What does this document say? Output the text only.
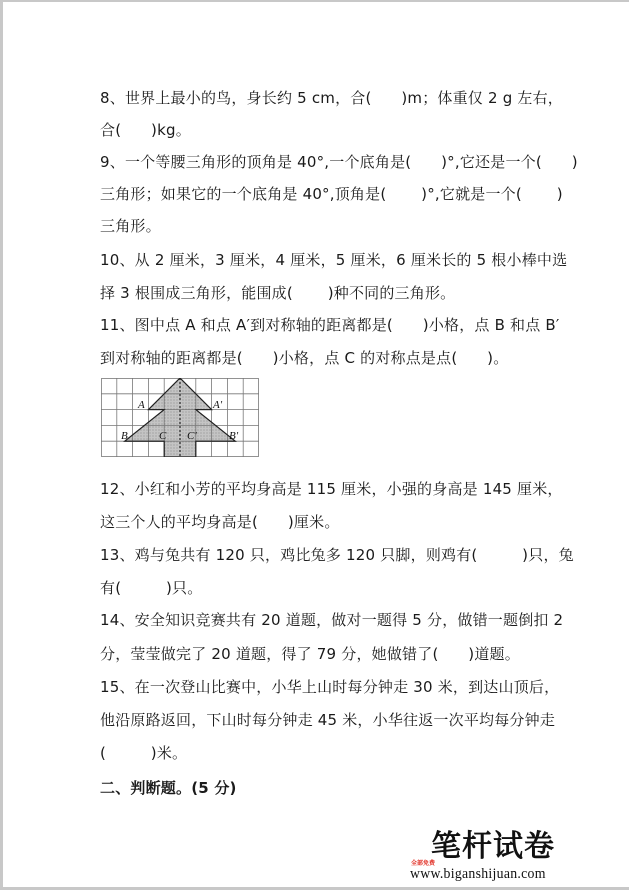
8、世界上最小的鸟，身长约 5 cm，合(      )m；体重仅 2 g 左右，
合(      )kg。
9、一个等腰三角形的顶角是 40°,一个底角是(      )°,它还是一个(      )
三角形；如果它的一个底角是 40°,顶角是(       )°,它就是一个(       )
三角形。
10、从 2 厘米，3 厘米，4 厘米，5 厘米，6 厘米长的 5 根小棒中选
择 3 根围成三角形，能围成(       )种不同的三角形。
11、图中点 A 和点 A′到对称轴的距离都是(      )小格，点 B 和点 B′
到对称轴的距离都是(      )小格，点 C 的对称点是点(      )。
A	A′
B	B′
C C′
12、小红和小芳的平均身高是 115 厘米，小强的身高是 145 厘米，
这三个人的平均身高是(      )厘米。
13、鸡与兔共有 120 只，鸡比兔多 120 只脚，则鸡有(         )只，兔
有(         )只。
14、安全知识竞赛共有 20 道题，做对一题得 5 分，做错一题倒扣 2
分，莹莹做完了 20 道题，得了 79 分，她做错了(      )道题。
15、在一次登山比赛中，小华上山时每分钟走 30 米，到达山顶后，
他沿原路返回，下山时每分钟走 45 米，小华往返一次平均每分钟走
(         )米。
二、判断题。(5 分)
笔杆试卷
全部免费
www.biganshijuan.com
